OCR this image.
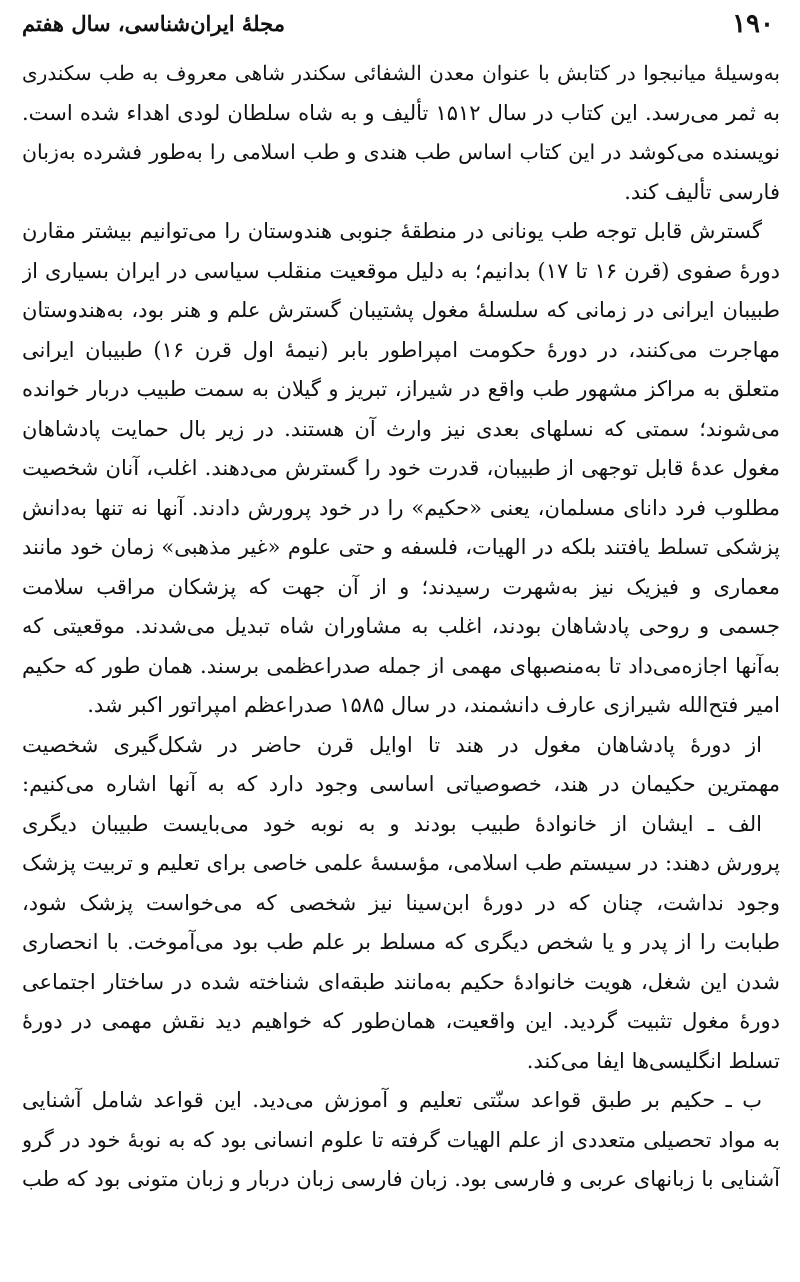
۱۹۰
مجلهٔ ایران‌شناسی، سال هفتم
به‌وسیلهٔ میانبجوا در کتابش با عنوان معدن الشفائی سکندر شاهی معروف به طب سکندری
به ثمر می‌رسد. این کتاب در سال ۱۵۱۲ تألیف و به شاه سلطان لودی اهداء شده است.
نویسنده می‌کوشد در این کتاب اساس طب هندی و طب اسلامی را به‌طور فشرده به‌زبان
فارسی تألیف کند.
گسترش قابل توجه طب یونانی در منطقهٔ جنوبی هندوستان را می‌توانیم بیشتر مقارن
دورهٔ صفوی (قرن ۱۶ تا ۱۷) بدانیم؛ به دلیل موقعیت منقلب سیاسی در ایران بسیاری از
طبیبان ایرانی در زمانی که سلسلهٔ مغول پشتیبان گسترش علم و هنر بود، به‌هندوستان
مهاجرت می‌کنند، در دورهٔ حکومت امپراطور بابر (نیمهٔ اول قرن ۱۶) طبیبان ایرانی
متعلق به مراکز مشهور طب واقع در شیراز، تبریز و گیلان به سمت طبیب دربار خوانده
می‌شوند؛ سمتی که نسلهای بعدی نیز وارث آن هستند. در زیر بال حمایت پادشاهان
مغول عدهٔ قابل توجهی از طبیبان، قدرت خود را گسترش می‌دهند. اغلب، آنان شخصیت
مطلوب فرد دانای مسلمان، یعنی «حکیم» را در خود پرورش دادند. آنها نه تنها به‌دانش
پزشکی تسلط یافتند بلکه در الهیات، فلسفه و حتی علوم «غیر مذهبی» زمان خود مانند
معماری و فیزیک نیز به‌شهرت رسیدند؛ و از آن جهت که پزشکان مراقب سلامت
جسمی و روحی پادشاهان بودند، اغلب به مشاوران شاه تبدیل می‌شدند. موقعیتی که
به‌آنها اجازه‌می‌داد تا به‌منصبهای مهمی از جمله صدراعظمی برسند. همان طور که حکیم
امیر فتح‌الله شیرازی عارف دانشمند، در سال ۱۵۸۵ صدراعظم امپراتور اکبر شد.
از دورهٔ پادشاهان مغول در هند تا اوایل قرن حاضر در شکل‌گیری شخصیت
مهمترین حکیمان در هند، خصوصیاتی اساسی وجود دارد که به آنها اشاره می‌کنیم:
الف ـ ایشان از خانوادهٔ طبیب بودند و به نوبه خود می‌بایست طبیبان دیگری
پرورش دهند: در سیستم طب اسلامی، مؤسسهٔ علمی خاصی برای تعلیم و تربیت پزشک
وجود نداشت، چنان که در دورهٔ ابن‌سینا نیز شخصی که می‌خواست پزشک شود،
طبابت را از پدر و یا شخص دیگری که مسلط بر علم طب بود می‌آموخت. با انحصاری
شدن این شغل، هویت خانوادهٔ حکیم به‌مانند طبقه‌ای شناخته شده در ساختار اجتماعی
دورهٔ مغول تثبیت گردید. این واقعیت، همان‌طور که خواهیم دید نقش مهمی در دورهٔ
تسلط انگلیسی‌ها ایفا می‌کند.
ب ـ حکیم بر طبق قواعد سنّتی تعلیم و آموزش می‌دید. این قواعد شامل آشنایی
به مواد تحصیلی متعددی از علم الهیات گرفته تا علوم انسانی بود که به نوبهٔ خود در گرو
آشنایی با زبانهای عربی و فارسی بود. زبان فارسی زبان دربار و زبان متونی بود که طب
